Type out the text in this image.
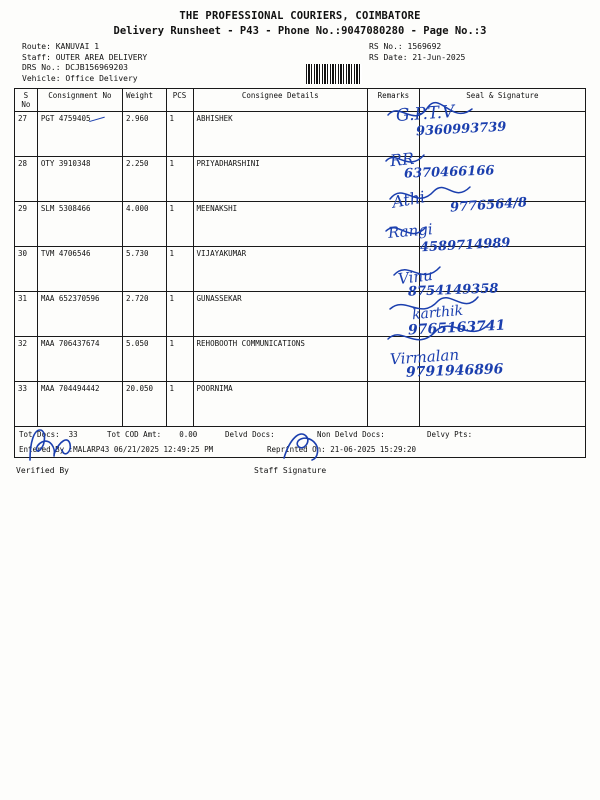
THE PROFESSIONAL COURIERS, COIMBATORE
Delivery Runsheet - P43 - Phone No.:9047080280 - Page No.:3
Route: KANUVAI 1
Staff: OUTER AREA DELIVERY
DRS No.: DCJB156969203
Vehicle: Office Delivery
RS No.: 1569692
RS Date: 21-Jun-2025
S No	Consignment No	Weight	PCS	Consignee Details	Remarks	Seal & Signature
27	PGT 4759405	2.960	1	ABHISHEK		
28	OTY 3910348	2.250	1	PRIYADHARSHINI		
29	SLM 5308466	4.000	1	MEENAKSHI		
30	TVM 4706546	5.730	1	VIJAYAKUMAR		
31	MAA 652370596	2.720	1	GUNASSEKAR		
32	MAA 706437674	5.050	1	REHOBOOTH COMMUNICATIONS		
33	MAA 704494442	20.050	1	POORNIMA		
Tot Docs:  33	Tot COD Amt:    0.00	Delvd Docs:	Non Delvd Docs:	Delvy Pts:
Entered By :MALARP43 06/21/2025 12:49:25 PM	Reprinted On: 21-06-2025 15:29:20
Verified By	Staff Signature
G.P.T.V
9360993739
RR
6370466166
Athi 9776564/8
Rangi
4589714989
Vinu
8754149358
karthik
9765163741
Virmalan
9791946896
